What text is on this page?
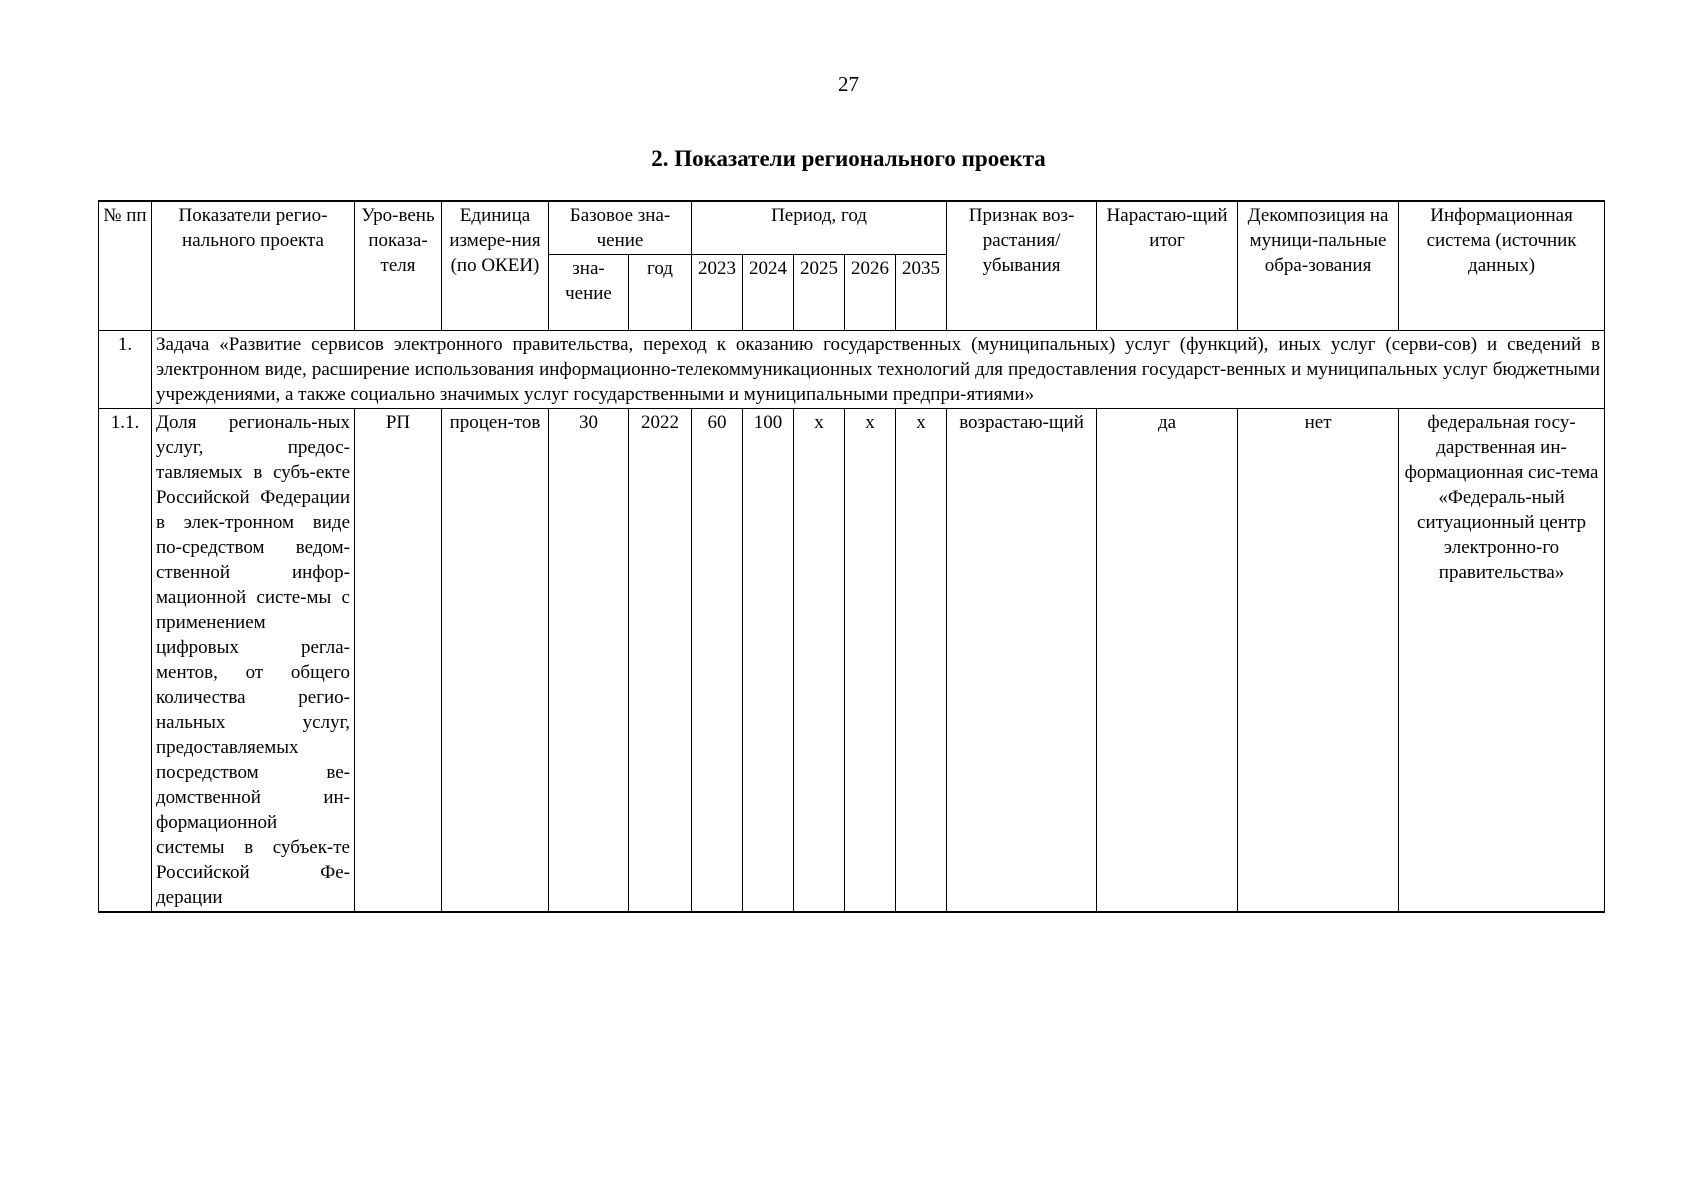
27
2. Показатели регионального проекта
№ пп	Показатели регио-нального проекта	Уро-вень показа-теля	Единица измере-ния (по ОКЕИ)	Базовое зна-чение		Период, год					Признак воз-растания/ убывания	Нарастаю-щий итог	Декомпозиция на муници-пальные обра-зования	Информационная система (источник данных)
				зна-чение	год	2023	2024	2025	2026	2035				
1.	Задача «Развитие сервисов электронного правительства, переход к оказанию государственных (муниципальных) услуг (функций), иных услуг (серви-сов) и сведений в электронном виде, расширение использования информационно-телекоммуникационных технологий для предоставления государст-венных и муниципальных услуг бюджетными учреждениями, а также социально значимых услуг государственными и муниципальными предпри-ятиями»													
1.1.	Доля региональ-ных услуг, предос-тавляемых в субъ-екте Российской Федерации в элек-тронном виде по-средством ведом-ственной инфор-мационной систе-мы с применением цифровых регла-ментов, от общего количества регио-нальных услуг, предоставляемых посредством ве-домственной ин-формационной системы в субъек-те Российской Фе-дерации	РП	процен-тов	30	2022	60	100	х	х	х	возрастаю-щий	да	нет	федеральная госу-дарственная ин-формационная сис-тема «Федераль-ный ситуационный центр электронно-го правительства»
